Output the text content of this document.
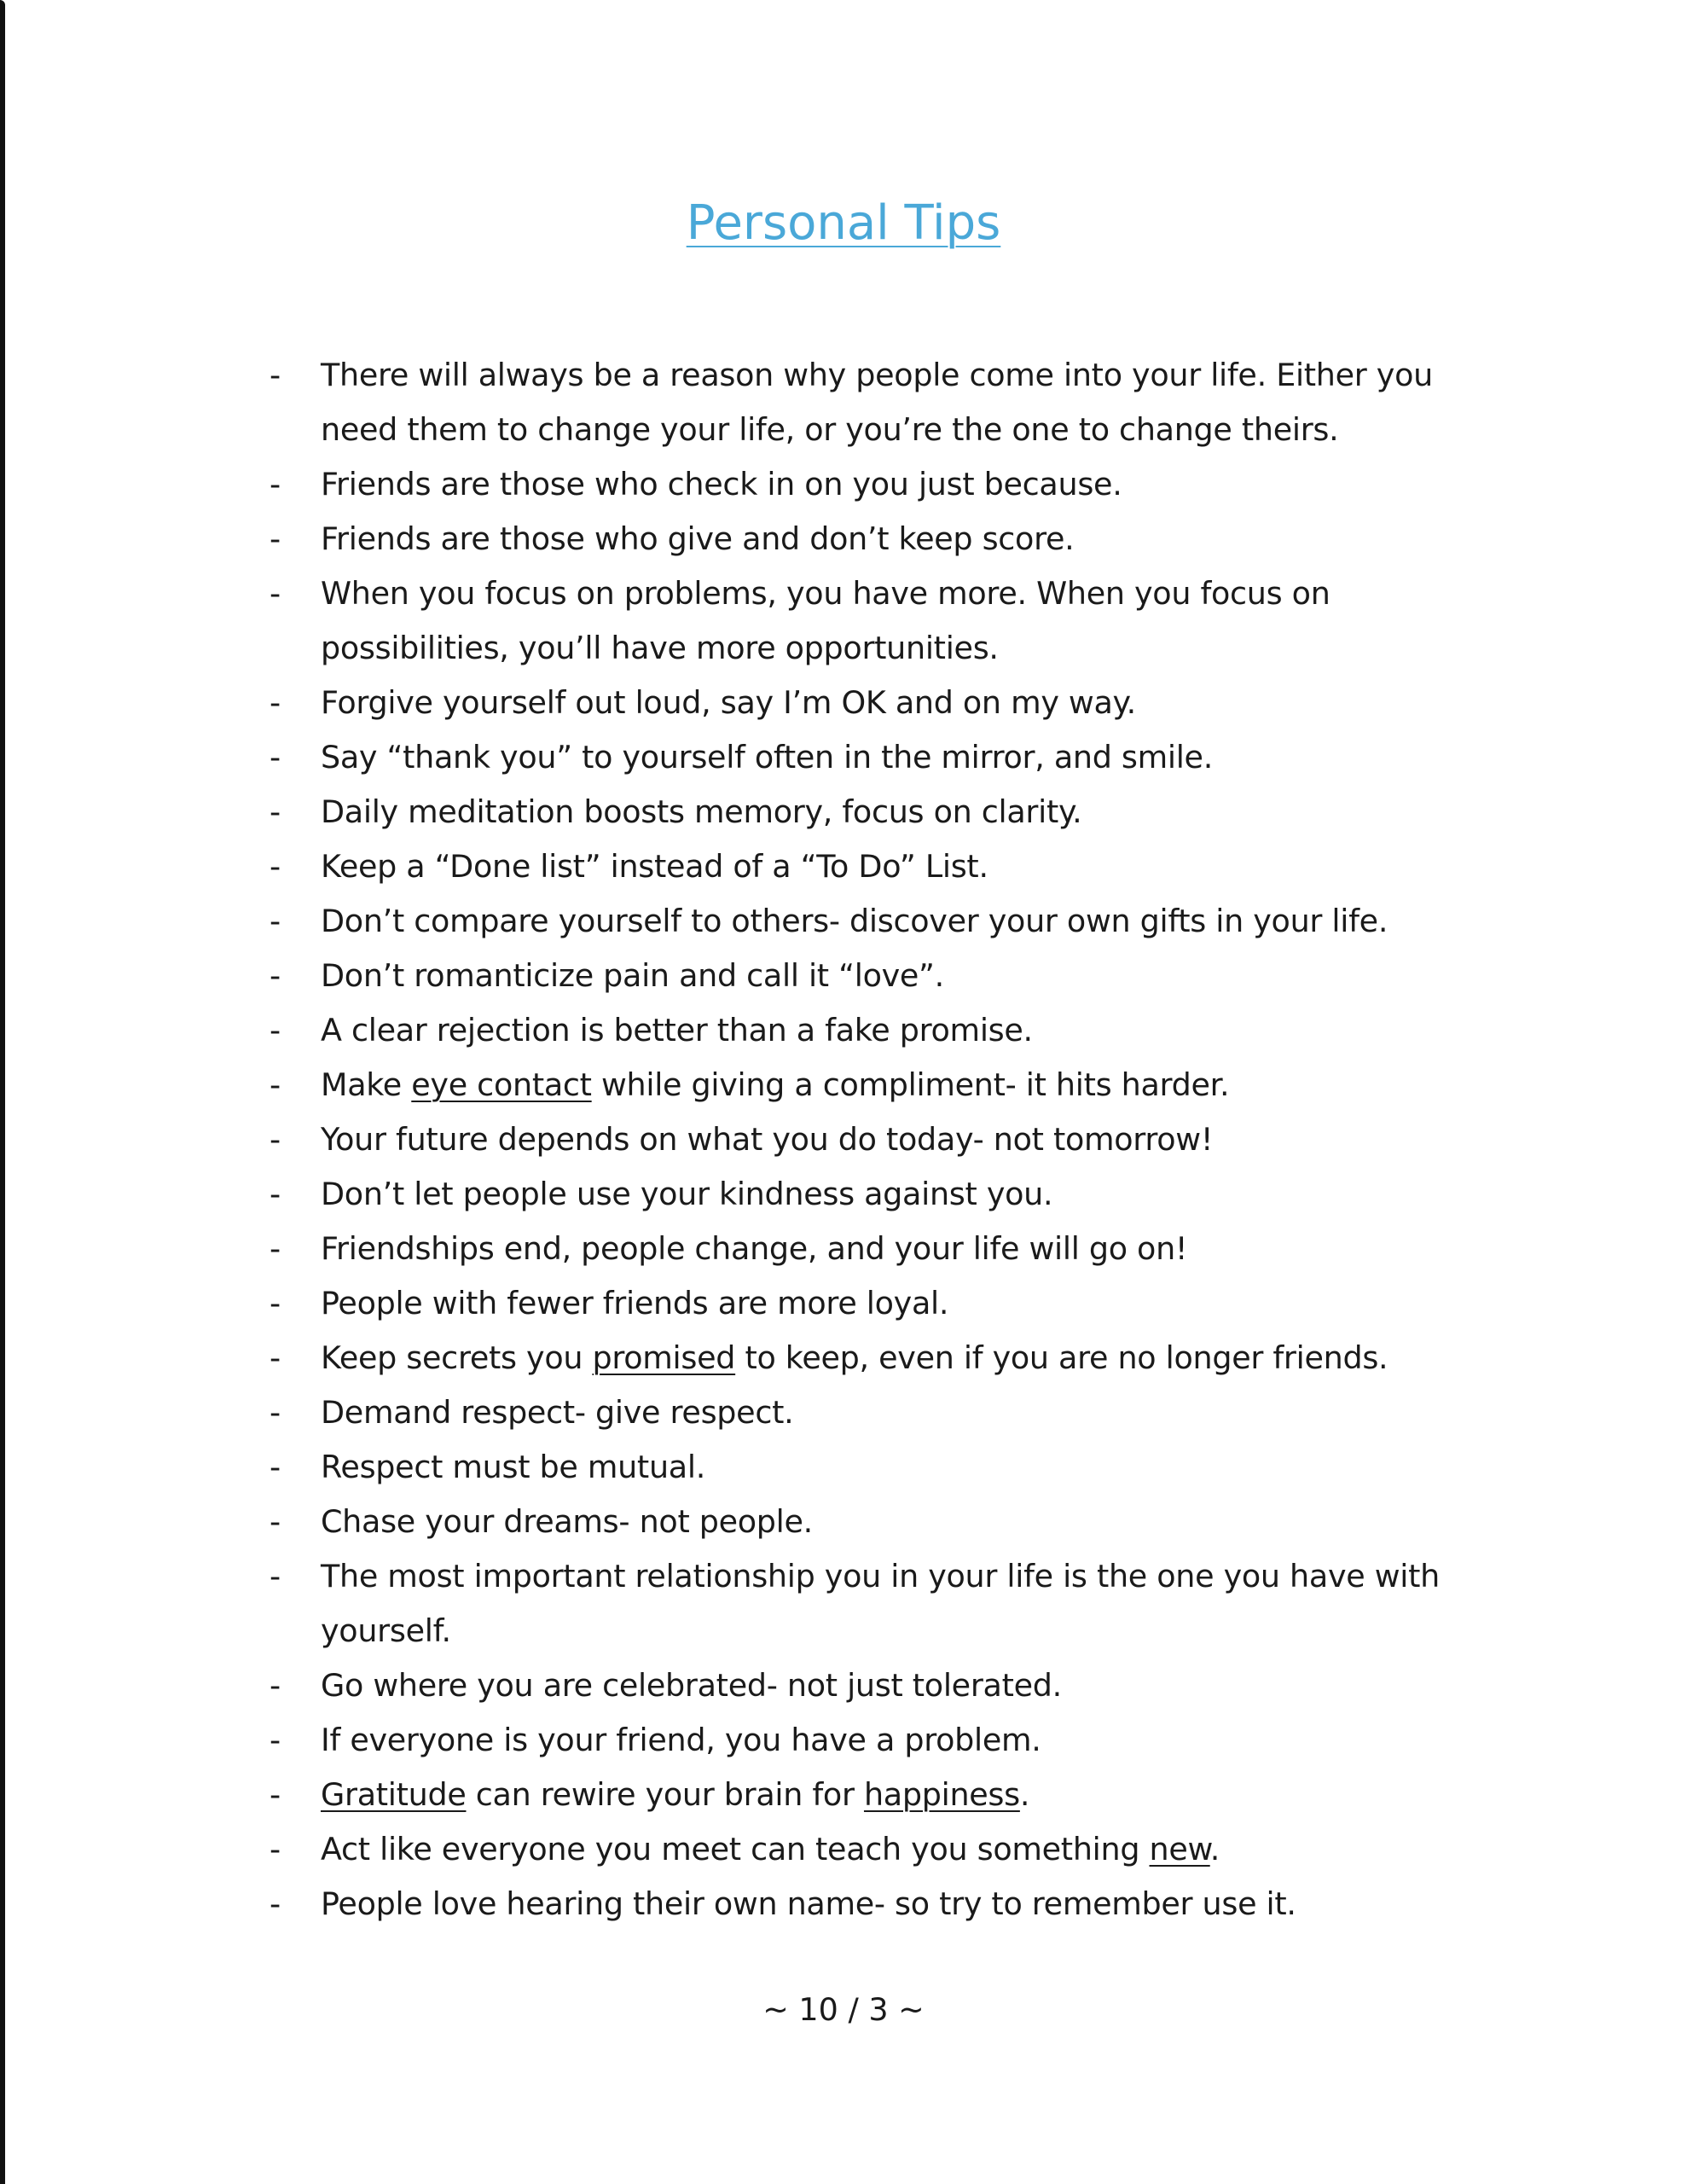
Personal Tips
- There will always be a reason why people come into your life. Either you
need them to change your life, or you’re the one to change theirs.
- Friends are those who check in on you just because.
- Friends are those who give and don’t keep score.
- When you focus on problems, you have more. When you focus on
possibilities, you’ll have more opportunities.
- Forgive yourself out loud, say I’m OK and on my way.
- Say “thank you” to yourself often in the mirror, and smile.
- Daily meditation boosts memory, focus on clarity.
- Keep a “Done list” instead of a “To Do” List.
- Don’t compare yourself to others- discover your own gifts in your life.
- Don’t romanticize pain and call it “love”.
- A clear rejection is better than a fake promise.
- Make eye contact while giving a compliment- it hits harder.
- Your future depends on what you do today- not tomorrow!
- Don’t let people use your kindness against you.
- Friendships end, people change, and your life will go on!
- People with fewer friends are more loyal.
- Keep secrets you promised to keep, even if you are no longer friends.
- Demand respect- give respect.
- Respect must be mutual.
- Chase your dreams- not people.
- The most important relationship you in your life is the one you have with
yourself.
- Go where you are celebrated- not just tolerated.
- If everyone is your friend, you have a problem.
- Gratitude can rewire your brain for happiness.
- Act like everyone you meet can teach you something new.
- People love hearing their own name- so try to remember use it.
~ 10 / 3 ~
